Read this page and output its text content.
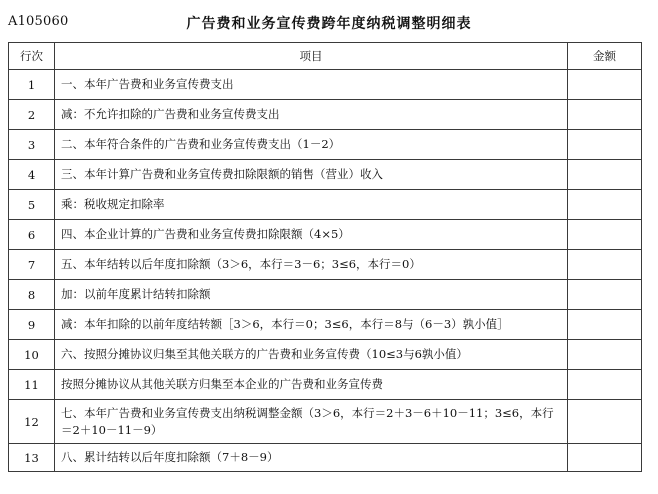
A105060	广告费和业务宣传费跨年度纳税调整明细表
行次	项目	金额
1	一、本年广告费和业务宣传费支出	
2	减：不允许扣除的广告费和业务宣传费支出	
3	二、本年符合条件的广告费和业务宣传费支出（1－2）	
4	三、本年计算广告费和业务宣传费扣除限额的销售（营业）收入	
5	乘：税收规定扣除率	
6	四、本企业计算的广告费和业务宣传费扣除限额（4×5）	
7	五、本年结转以后年度扣除额（3＞6，本行＝3－6；3≤6，本行＝0）	
8	加：以前年度累计结转扣除额	
9	减：本年扣除的以前年度结转额［3＞6，本行＝0；3≤6，本行＝8与（6－3）孰小值］	
10	六、按照分摊协议归集至其他关联方的广告费和业务宣传费（10≤3与6孰小值）	
11	按照分摊协议从其他关联方归集至本企业的广告费和业务宣传费	
12	七、本年广告费和业务宣传费支出纳税调整金额（3＞6，本行＝2＋3－6＋10－11；3≤6，本行＝2＋10－11－9）	
13	八、累计结转以后年度扣除额（7＋8－9）	
